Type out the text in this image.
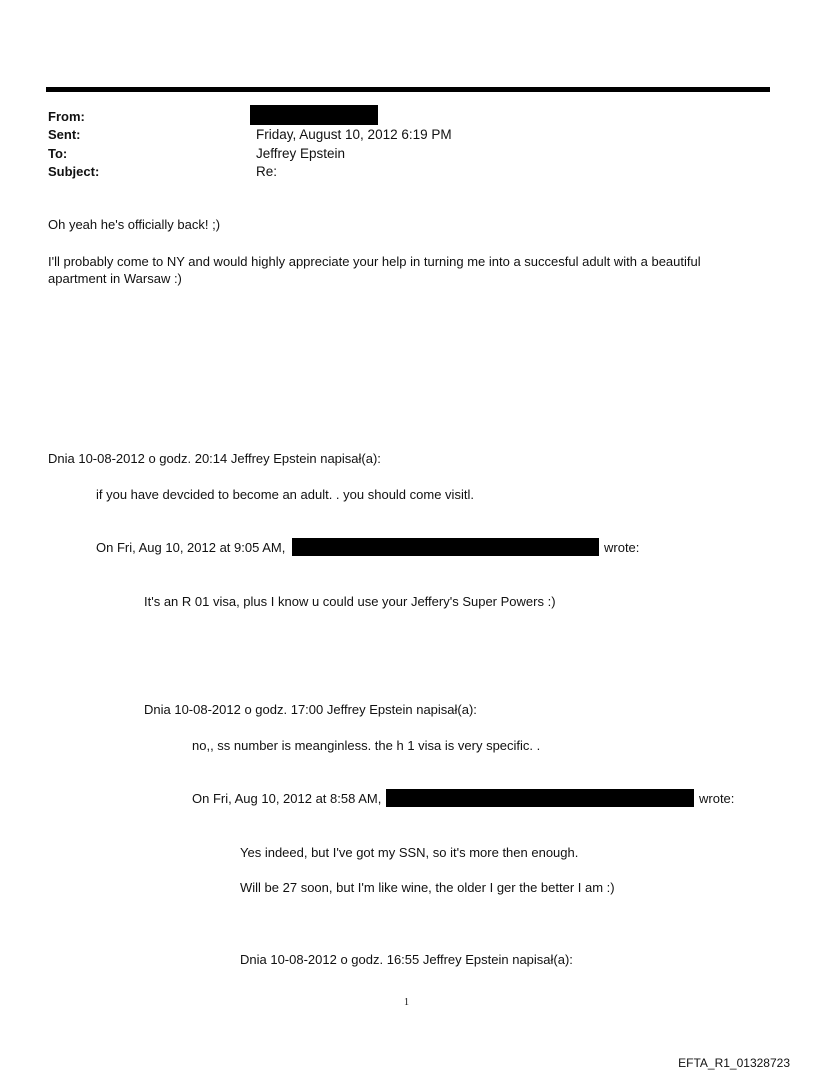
From:
Sent:	Friday, August 10, 2012 6:19 PM
To:	Jeffrey Epstein
Subject:	Re:
Oh yeah he's officially back! ;)
I'll probably come to NY and would highly appreciate your help in turning me into a succesful adult with a beautiful apartment in Warsaw :)
Dnia 10-08-2012 o godz. 20:14 Jeffrey Epstein napisał(a):
if you have devcided to become an adult. . you should come visitl.
On Fri, Aug 10, 2012 at 9:05 AM,	wrote:
It's an R 01 visa, plus I know u could use your Jeffery's Super Powers :)
Dnia 10-08-2012 o godz. 17:00 Jeffrey Epstein napisał(a):
no,, ss number is meanginless. the h 1 visa is very specific. .
On Fri, Aug 10, 2012 at 8:58 AM,	wrote:
Yes indeed, but I've got my SSN, so it's more then enough.
Will be 27 soon, but I'm like wine, the older I ger the better I am :)
Dnia 10-08-2012 o godz. 16:55 Jeffrey Epstein napisał(a):
1
EFTA_R1_01328723
